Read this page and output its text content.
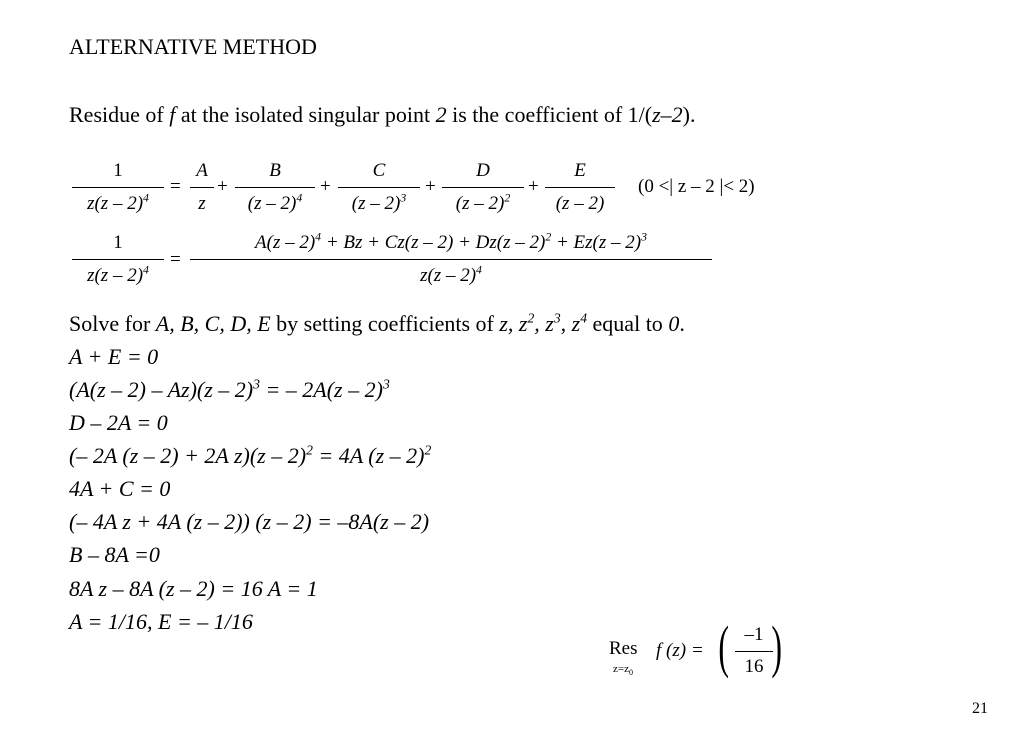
ALTERNATIVE METHOD
Residue of f at the isolated singular point 2 is the coefficient of 1/(z–2).
1
z(z – 2)$^4$
=
A
z
+
B
(z – 2)$^4$
+
C
(z – 2)$^3$
+
D
(z – 2)$^2$
+
E
(z – 2)
(0 <| z – 2 |< 2)
1
z(z – 2)$^4$
=
A(z – 2)$^4$ + Bz + Cz(z – 2) + Dz(z – 2)$^2$ + Ez(z – 2)$^3$
z(z – 2)$^4$
Solve for A, B, C, D, E by setting coefficients of z, $z^2$, $z^3$, $z^4$ equal to 0.
A + E = 0
(A(z – 2) – Az)(z – 2)$^3$ = – 2A(z – 2)$^3$
D – 2A = 0
(– 2A (z – 2) + 2A z)(z – 2)$^2$ = 4A (z – 2)$^2$
4A + C = 0
(– 4A z + 4A (z – 2)) (z – 2) = –8A(z – 2)
B – 8A =0
8A z – 8A (z – 2) = 16 A = 1
A = 1/16, E = – 1/16
Res
$z=z_0$
f (z) = ( –1
16 )
21
